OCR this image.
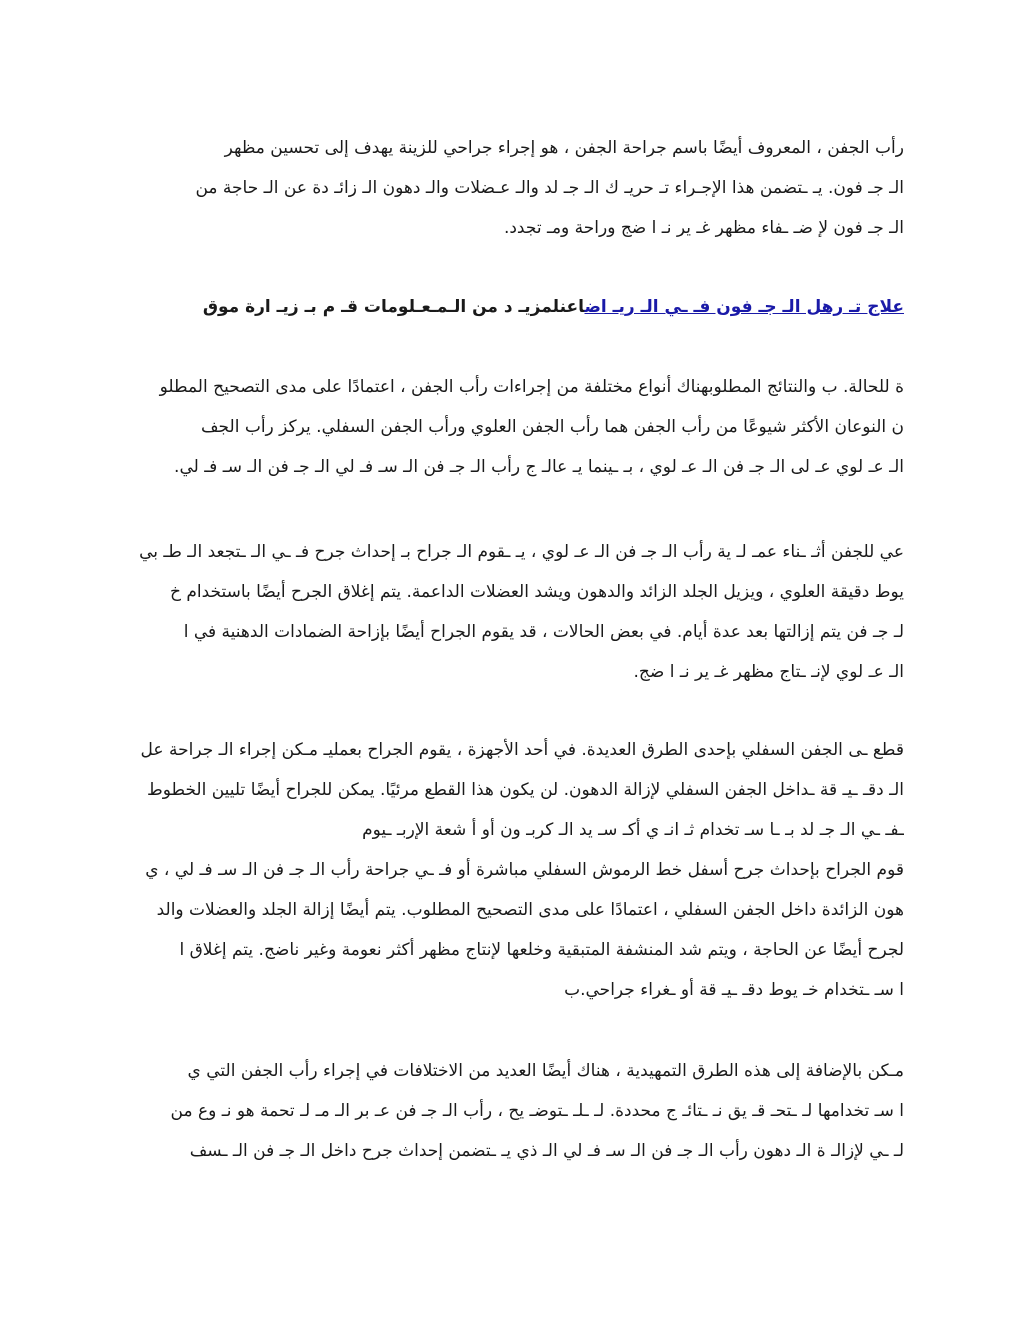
رأب الجفن ، المعروف أيضًا باسم جراحة الجفن ، هو إجراء جراحي للزينة يهدف إلى تحسين مظهر
الـ جـ فون. يـ ـتضمن هذا الإجـراء تـ حريـ ك الـ جـ لد والـ عـضلات والـ دهون الـ زائـ دة عن الـ حاجة من
الـ جـ فون لإ ضـ ـفاء مظهر غـ ير نـ ا ضج وراحة ومـ تجدد.
علاج تـ رهل الـ جـ فون فـ ـي الـ ريـ اضاعنلمزيـ د من الـمـعـلومات قـ م بـ زيـ ارة موق
ة للحالة. ب والنتائج المطلوبهناك أنواع مختلفة من إجراءات رأب الجفن ، اعتمادًا على مدى التصحيح المطلو
ن النوعان الأكثر شيوعًا من رأب الجفن هما رأب الجفن العلوي ورأب الجفن السفلي. يركز رأب الجف
الـ عـ لوي عـ لى الـ جـ فن الـ عـ لوي ، بـ ـينما يـ عالـ ج رأب الـ جـ فن الـ سـ فـ لي الـ جـ فن الـ سـ فـ لي.
عي للجفن أثـ ـناء عمـ لـ ية رأب الـ جـ فن الـ عـ لوي ، يـ ـقوم الـ جراح بـ إحداث جرح فـ ـي الـ ـتجعد الـ طـ بي
يوط دقيقة العلوي ، ويزيل الجلد الزائد والدهون ويشد العضلات الداعمة. يتم إغلاق الجرح أيضًا باستخدام خ
لـ جـ فن يتم إزالتها بعد عدة أيام. في بعض الحالات ، قد يقوم الجراح أيضًا بإزاحة الضمادات الدهنية في ا
الـ عـ لوي لإنـ ـتاج مظهر غـ ير نـ ا ضج.
قطع ـى الجفن السفلي بإحدى الطرق العديدة. في أحد الأجهزة ، يقوم الجراح بعمليـ مـكن إجراء الـ جراحة عل
الـ دقـ ـيـ قة ـداخل الجفن السفلي لإزالة الدهون. لن يكون هذا القطع مرئيًا. يمكن للجراح أيضًا تليين الخطوط
ـفـ ـي الـ جـ لد بـ ـا سـ تخدام ثـ انـ ي أكـ سـ يد الـ كربـ ون أو أ شعة الإربـ ـيوم
قوم الجراح بإحداث جرح أسفل خط الرموش السفلي مباشرة أو فـ ـي جراحة رأب الـ جـ فن الـ سـ فـ لي ، ي
هون الزائدة داخل الجفن السفلي ، اعتمادًا على مدى التصحيح المطلوب. يتم أيضًا إزالة الجلد والعضلات والد
لجرح أيضًا عن الحاجة ، ويتم شد المنشفة المتبقية وخلعها لإنتاج مظهر أكثر نعومة وغير ناضج. يتم إغلاق ا
ا سـ ـتخدام خـ يوط دقـ ـيـ قة أو ـغراء جراحي.ب
مـكن بالإضافة إلى هذه الطرق التمهيدية ، هناك أيضًا العديد من الاختلافات في إجراء رأب الجفن التي ي
ا سـ تخدامها لـ ـتحـ قـ يق نـ ـتائـ ج محددة. لـ ـلـ ـتوضـ يح ، رأب الـ جـ فن عـ بر الـ مـ لـ تحمة هو نـ وع من
لـ ـي لإزالـ ة الـ دهون رأب الـ جـ فن الـ سـ فـ لي الـ ذي يـ ـتضمن إحداث جرح داخل الـ جـ فن الـ ـسف
